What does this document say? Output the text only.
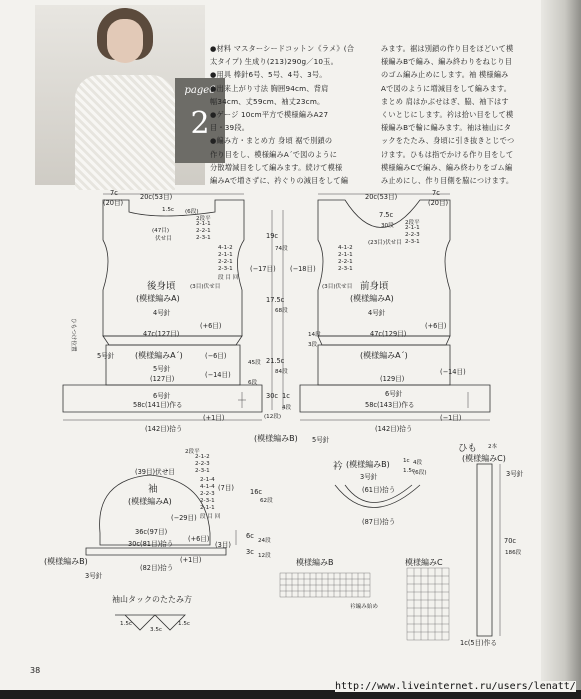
page6
2
●材料 マスターシードコットン《ラメ》(合
太タイプ) 生成り(213)290g／10玉。
●用具 棒針6号、5号、4号、3号。
●出来上がり寸法 胸囲94cm、背肩
幅34cm、丈59cm、袖丈23cm。
●ゲージ 10cm平方で模様編みA27
目・39段。
●編み方・まとめ方 身頃 裾で別鎖の
作り目をし、模様編みA´で図のように
分散増減目をして編みます。続けて模様
編みAで増さずに、衿ぐりの減目をして編
みます。裾は別鎖の作り目をほどいて模
様編みBで編み、編み終わりをねじり目
のゴム編み止めにします。袖 模様編み
Aで図のように増減目をして編みます。
まとめ 肩はかぶせはぎ、脇、袖下はす
くいとじにします。衿は拾い目をして模
様編みBで輪に編みます。袖は袖山にタ
ックをたたみ、身頃に引き抜きとじでつ
けます。ひもは指でかける作り目をして
模様編みCで編み、編み終わりをゴム編
み止めにし、作り目側を脇につけます。
7c
(20目)
20c(53目)
1.5c (6段)
(47目)
伏せ目
2段平
2-1-1
2-2-1
2-3-1
4-1-2
2-1-1
2-2-1
2-3-1
段 目 回
(3目)伏せ目
(−17目)
後身頃
(模様編みA)
4号針
ひもつけ位置	(+6目)
47c(127目)
5号針	(模様編みA´)	(−6目)
5号針
(127目)	(−14目)
6号針
58c(141目)作る
(+1目)
(142目)拾う
(模様編みB) 5号針
19c
74段
17.5c
68段
21.5c
84段
45段
6段
30c 1c
4段
(12段)
14段
3段
7.5c
30段
20c(53目)	7c
(20目)
(23目)伏せ目
2段平
2-1-1
2-2-3
2-3-1
4-1-2
2-1-1
2-2-1
2-3-1
(3目)伏せ目
(−18目)
前身頃
(模様編みA)
4号針
(+6目)
47c(129目)
(模様編みA´)
(129目)
(−14目)
6号針
58c(143目)作る
(−1目)
(142目)拾う
(39目)伏せ目
2段平
2-1-2
2-2-3
2-3-1
2-1-4
4-1-4
2-2-3
2-3-1
2-1-1
段 目 回
袖
(模様編みA)
(−29目)
36c(97目)
(+6目)
30c(81目)拾う
(模様編みB)
3号針
(82目)拾う
(+1目)
16c
62段
6c
24段
3c 12段
(3目)
(7目)
衿 (模様編みB)
3号針
(61目)拾う
(87目)拾う
1c 4段
1.5c
(6段)
ひも 2本
(模様編みC)
3号針
70c
186段
1c(5目)作る
袖山タックのたたみ方
1.5c
3.5c
1.5c
模様編みB
衿編み始め
模様編みC
38
http://www.liveinternet.ru/users/lenatt/
